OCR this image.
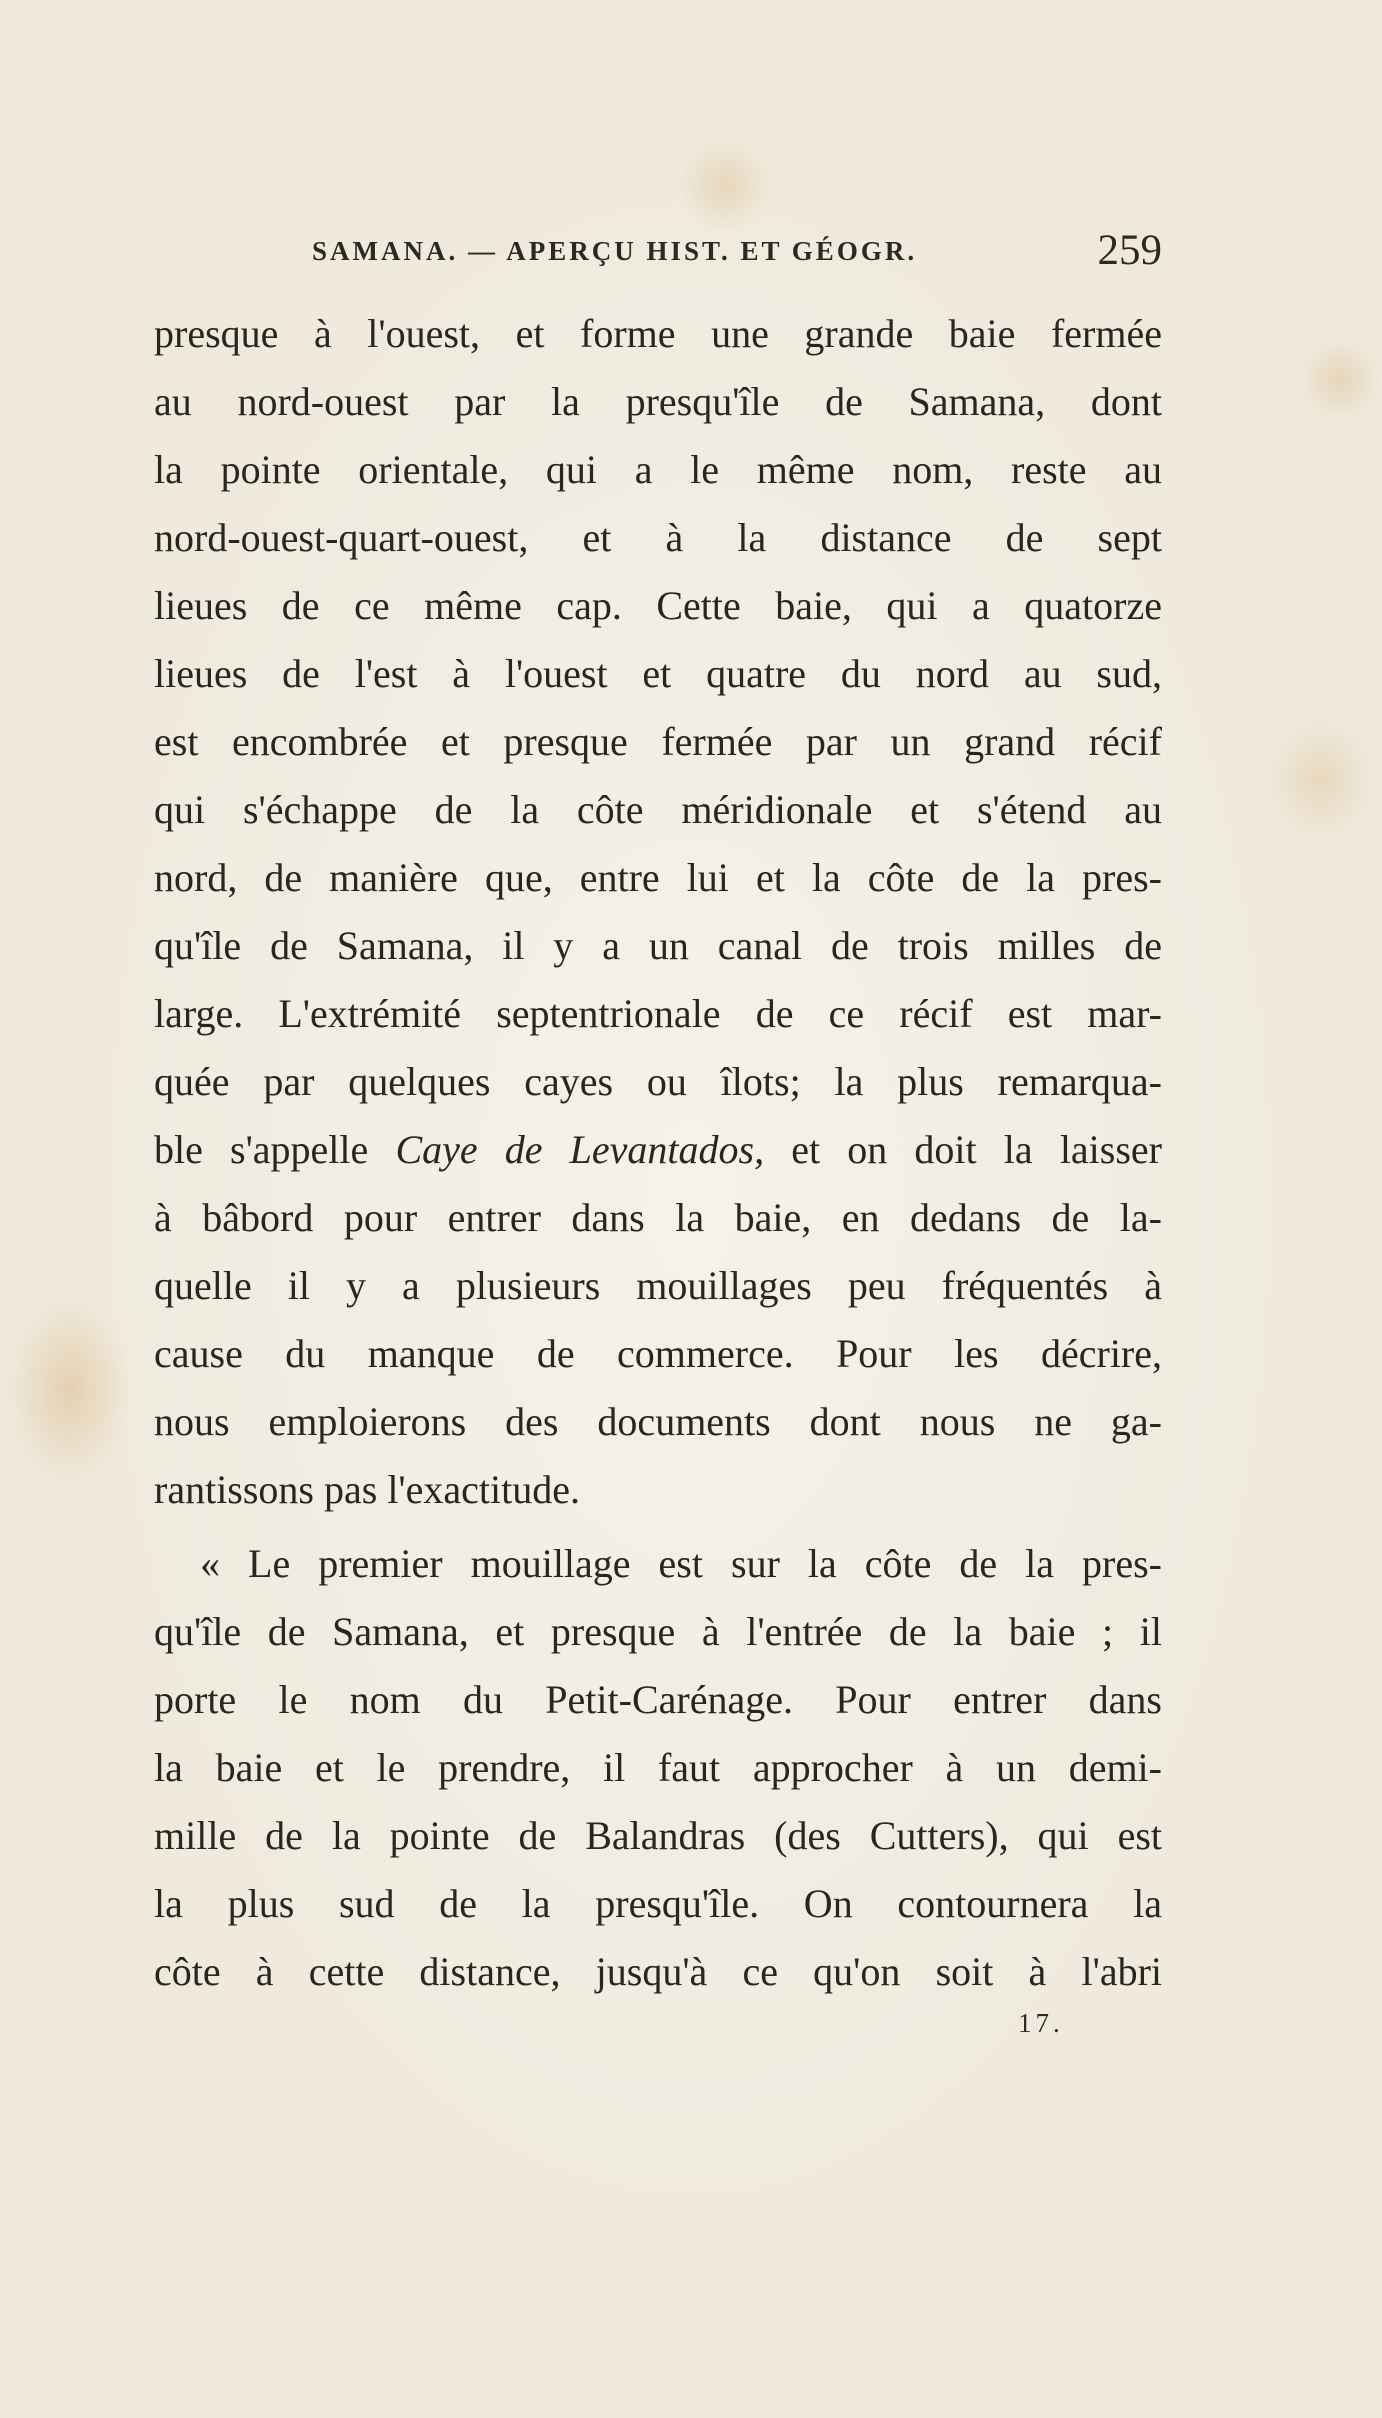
SAMANA. — APERÇU HIST. ET GÉOGR.	259
presque à l'ouest, et forme une grande baie fermée
au nord-ouest par la presqu'île de Samana, dont
la pointe orientale, qui a le même nom, reste au
nord-ouest-quart-ouest, et à la distance de sept
lieues de ce même cap. Cette baie, qui a quatorze
lieues de l'est à l'ouest et quatre du nord au sud,
est encombrée et presque fermée par un grand récif
qui s'échappe de la côte méridionale et s'étend au
nord, de manière que, entre lui et la côte de la pres-
qu'île de Samana, il y a un canal de trois milles de
large. L'extrémité septentrionale de ce récif est mar-
quée par quelques cayes ou îlots; la plus remarqua-
ble s'appelle Caye de Levantados, et on doit la laisser
à bâbord pour entrer dans la baie, en dedans de la-
quelle il y a plusieurs mouillages peu fréquentés à
cause du manque de commerce. Pour les décrire,
nous emploierons des documents dont nous ne ga-
rantissons pas l'exactitude.
« Le premier mouillage est sur la côte de la pres-
qu'île de Samana, et presque à l'entrée de la baie ; il
porte le nom du Petit-Carénage. Pour entrer dans
la baie et le prendre, il faut approcher à un demi-
mille de la pointe de Balandras (des Cutters), qui est
la plus sud de la presqu'île. On contournera la
côte à cette distance, jusqu'à ce qu'on soit à l'abri
17.
